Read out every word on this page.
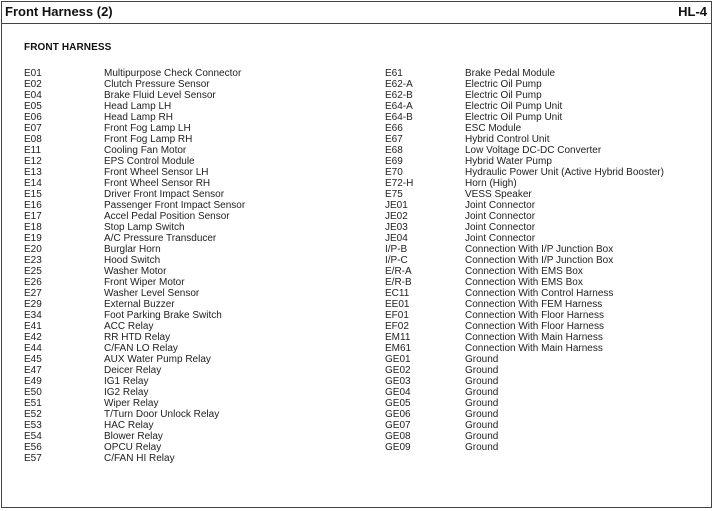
Front Harness (2)	HL-4
FRONT HARNESS
E01	Multipurpose Check Connector
E02	Clutch Pressure Sensor
E04	Brake Fluid Level Sensor
E05	Head Lamp LH
E06	Head Lamp RH
E07	Front Fog Lamp LH
E08	Front Fog Lamp RH
E11	Cooling Fan Motor
E12	EPS Control Module
E13	Front Wheel Sensor LH
E14	Front Wheel Sensor RH
E15	Driver Front Impact Sensor
E16	Passenger Front Impact Sensor
E17	Accel Pedal Position Sensor
E18	Stop Lamp Switch
E19	A/C Pressure Transducer
E20	Burglar Horn
E23	Hood Switch
E25	Washer Motor
E26	Front Wiper Motor
E27	Washer Level Sensor
E29	External Buzzer
E34	Foot Parking Brake Switch
E41	ACC Relay
E42	RR HTD Relay
E44	C/FAN LO Relay
E45	AUX Water Pump Relay
E47	Deicer Relay
E49	IG1 Relay
E50	IG2 Relay
E51	Wiper Relay
E52	T/Turn Door Unlock Relay
E53	HAC Relay
E54	Blower Relay
E56	OPCU Relay
E57	C/FAN HI Relay
E61	Brake Pedal Module
E62-A	Electric Oil Pump
E62-B	Electric Oil Pump
E64-A	Electric Oil Pump Unit
E64-B	Electric Oil Pump Unit
E66	ESC Module
E67	Hybrid Control Unit
E68	Low Voltage DC-DC Converter
E69	Hybrid Water Pump
E70	Hydraulic Power Unit (Active Hybrid Booster)
E72-H	Horn (High)
E75	VESS Speaker
JE01	Joint Connector
JE02	Joint Connector
JE03	Joint Connector
JE04	Joint Connector
I/P-B	Connection With I/P Junction Box
I/P-C	Connection With I/P Junction Box
E/R-A	Connection With EMS Box
E/R-B	Connection With EMS Box
EC11	Connection With Control Harness
EE01	Connection With FEM Harness
EF01	Connection With Floor Harness
EF02	Connection With Floor Harness
EM11	Connection With Main Harness
EM61	Connection With Main Harness
GE01	Ground
GE02	Ground
GE03	Ground
GE04	Ground
GE05	Ground
GE06	Ground
GE07	Ground
GE08	Ground
GE09	Ground
